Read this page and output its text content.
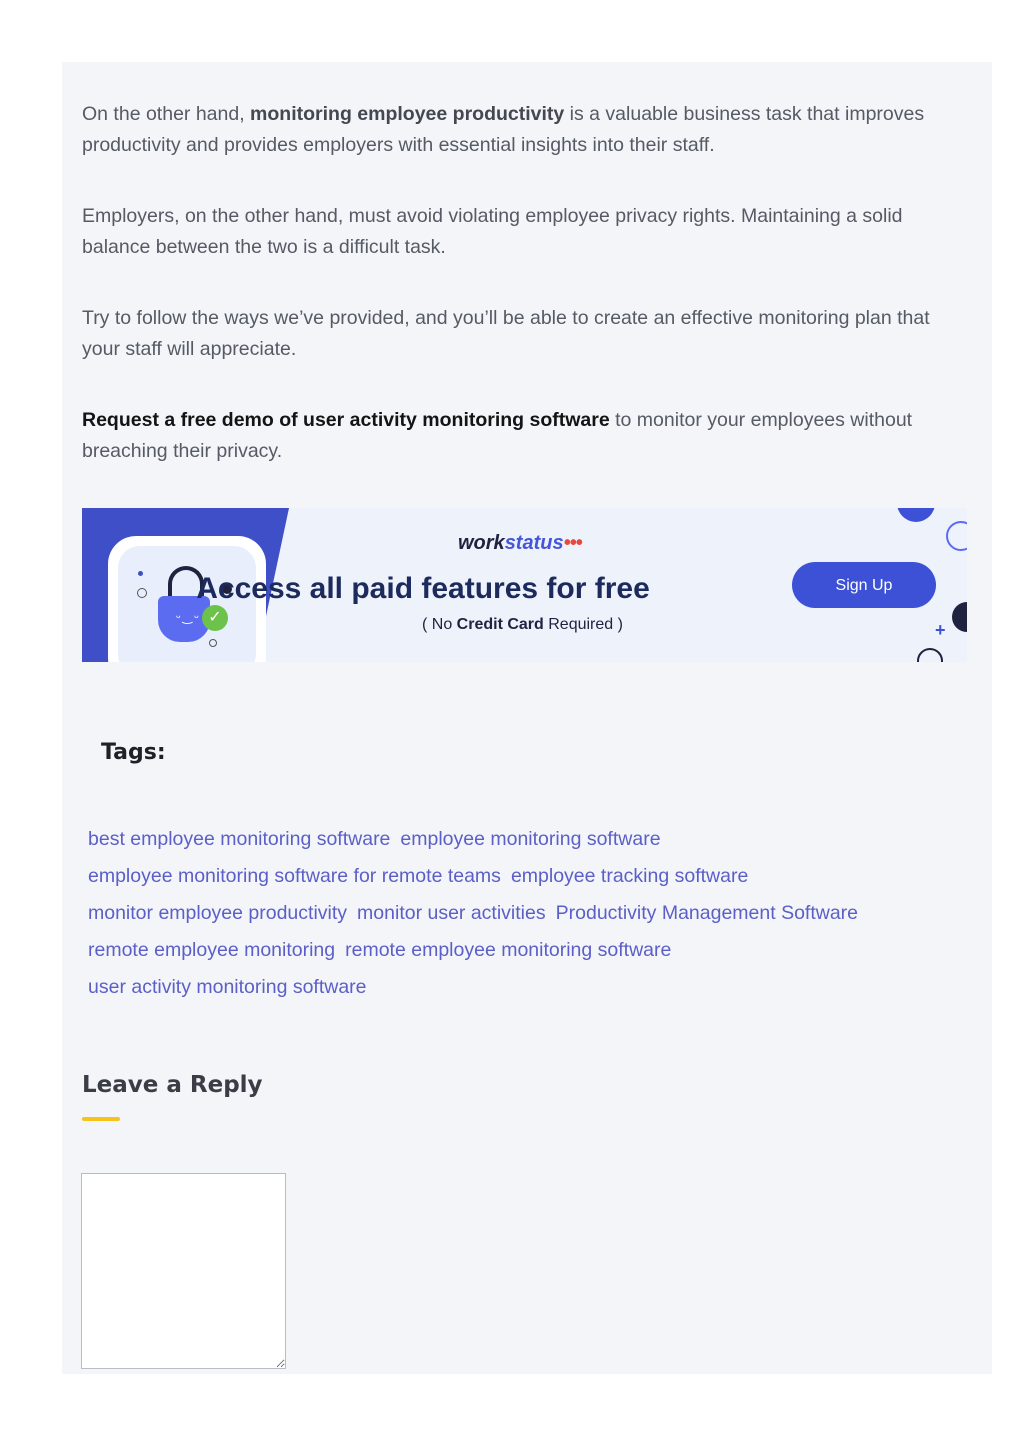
On the other hand, monitoring employee productivity is a valuable business task that improves productivity and provides employers with essential insights into their staff.

Employers, on the other hand, must avoid violating employee privacy rights. Maintaining a solid balance between the two is a difficult task.

Try to follow the ways we’ve provided, and you’ll be able to create an effective monitoring plan that your staff will appreciate.

Request a free demo of user activity monitoring software to monitor your employees without breaching their privacy.

ᵕ‿ᵕ ✓
workstatus•••
Access all paid features for free
( No Credit Card Required )
Sign Up
+
Tags:
best employee monitoring software employee monitoring software
employee monitoring software for remote teams employee tracking software
monitor employee productivity monitor user activities Productivity Management Software
remote employee monitoring remote employee monitoring software
user activity monitoring software
Leave a Reply
